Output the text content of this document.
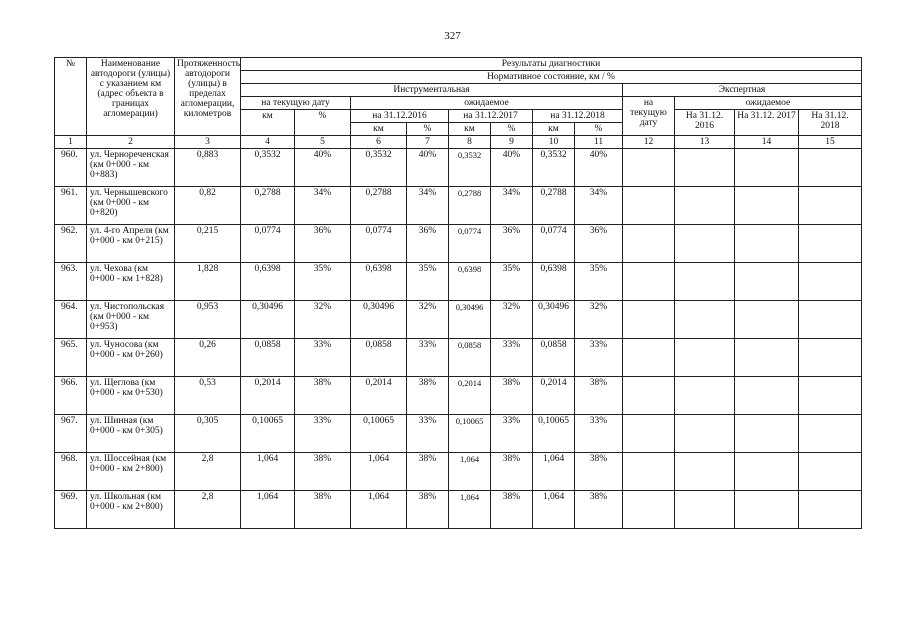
327
№	Наименование автодороги (улицы) с указанием км (адрес объекта в границах агломерации)	Протяженность автодороги (улицы) в пределах агломерации, километров	Результаты диагностики											
			Нормативное состояние, км / %											
			Инструментальная								Экспертная			
			на текущую дату		ожидаемое						на текущую дату	ожидаемое		
			км	%	на 31.12.2016		на 31.12.2017		на 31.12.2018			На 31.12. 2016	На 31.12. 2017	На 31.12. 2018
					км	%	км	%	км	%				
1	2	3	4	5	6	7	8	9	10	11	12	13	14	15
960.	ул. Чернореченская (км 0+000 - км 0+883)	0,883	0,3532	40%	0,3532	40%	0,3532	40%	0,3532	40%				
961.	ул. Чернышевского (км 0+000 - км 0+820)	0,82	0,2788	34%	0,2788	34%	0,2788	34%	0,2788	34%				
962.	ул. 4-го Апреля (км 0+000 - км 0+215)	0,215	0,0774	36%	0,0774	36%	0,0774	36%	0,0774	36%				
963.	ул. Чехова (км 0+000 - км 1+828)	1,828	0,6398	35%	0,6398	35%	0,6398	35%	0,6398	35%				
964.	ул. Чистопольская (км 0+000 - км 0+953)	0,953	0,30496	32%	0,30496	32%	0,30496	32%	0,30496	32%				
965.	ул. Чуносова (км 0+000 - км 0+260)	0,26	0,0858	33%	0,0858	33%	0,0858	33%	0,0858	33%				
966.	ул. Щеглова (км 0+000 - км 0+530)	0,53	0,2014	38%	0,2014	38%	0,2014	38%	0,2014	38%				
967.	ул. Шинная (км 0+000 - км 0+305)	0,305	0,10065	33%	0,10065	33%	0,10065	33%	0,10065	33%				
968.	ул. Шоссейная (км 0+000 - км 2+800)	2,8	1,064	38%	1,064	38%	1,064	38%	1,064	38%				
969.	ул. Школьная (км 0+000 - км 2+800)	2,8	1,064	38%	1,064	38%	1,064	38%	1,064	38%				
